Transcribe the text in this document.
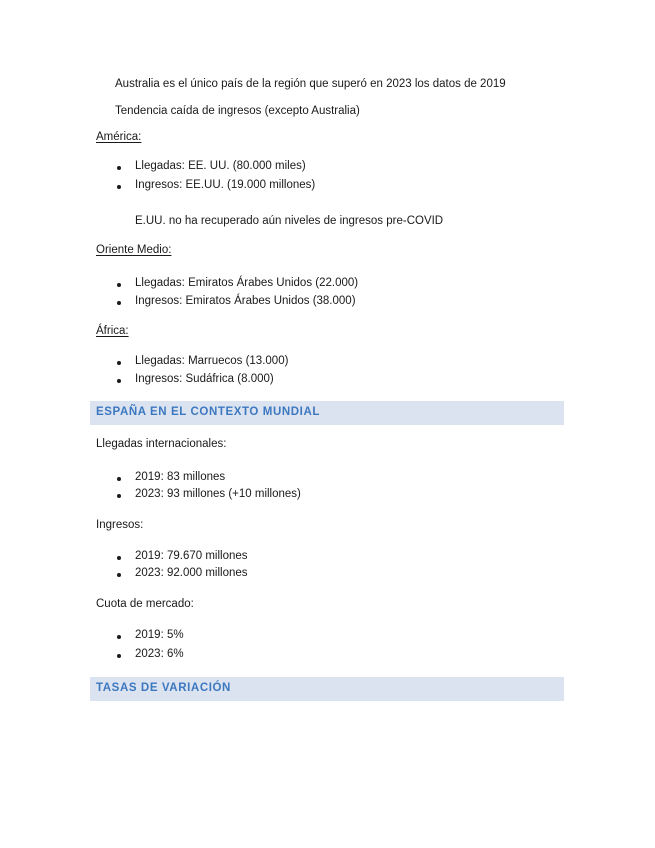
Australia es el único país de la región que superó en 2023 los datos de 2019
Tendencia caída de ingresos (excepto Australia)
América:
Llegadas: EE. UU. (80.000 miles)
Ingresos: EE.UU. (19.000 millones)
E.UU. no ha recuperado aún niveles de ingresos pre-COVID
Oriente Medio:
Llegadas: Emiratos Árabes Unidos (22.000)
Ingresos: Emiratos Árabes Unidos (38.000)
África:
Llegadas: Marruecos (13.000)
Ingresos: Sudáfrica (8.000)
ESPAÑA EN EL CONTEXTO MUNDIAL
Llegadas internacionales:
2019: 83 millones
2023: 93 millones (+10 millones)
Ingresos:
2019: 79.670 millones
2023: 92.000 millones
Cuota de mercado:
2019: 5%
2023: 6%
TASAS DE VARIACIÓN
